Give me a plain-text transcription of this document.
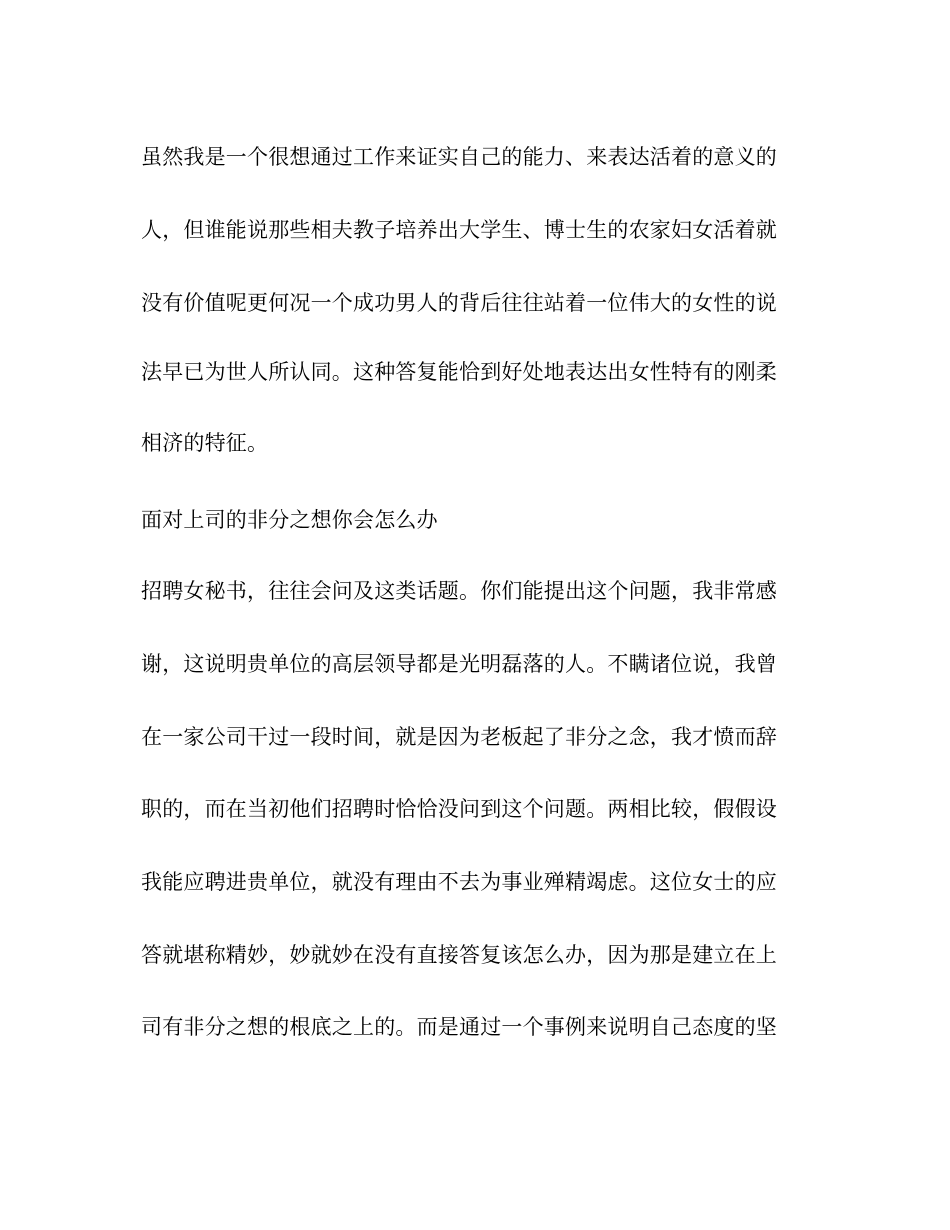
虽然我是一个很想通过工作来证实自己的能力、来表达活着的意义的
人，但谁能说那些相夫教子培养出大学生、博士生的农家妇女活着就
没有价值呢更何况一个成功男人的背后往往站着一位伟大的女性的说
法早已为世人所认同。这种答复能恰到好处地表达出女性特有的刚柔
相济的特征。
面对上司的非分之想你会怎么办
招聘女秘书，往往会问及这类话题。你们能提出这个问题，我非常感
谢，这说明贵单位的高层领导都是光明磊落的人。不瞒诸位说，我曾
在一家公司干过一段时间，就是因为老板起了非分之念，我才愤而辞
职的，而在当初他们招聘时恰恰没问到这个问题。两相比较，假假设
我能应聘进贵单位，就没有理由不去为事业殚精竭虑。这位女士的应
答就堪称精妙，妙就妙在没有直接答复该怎么办，因为那是建立在上
司有非分之想的根底之上的。而是通过一个事例来说明自己态度的坚
